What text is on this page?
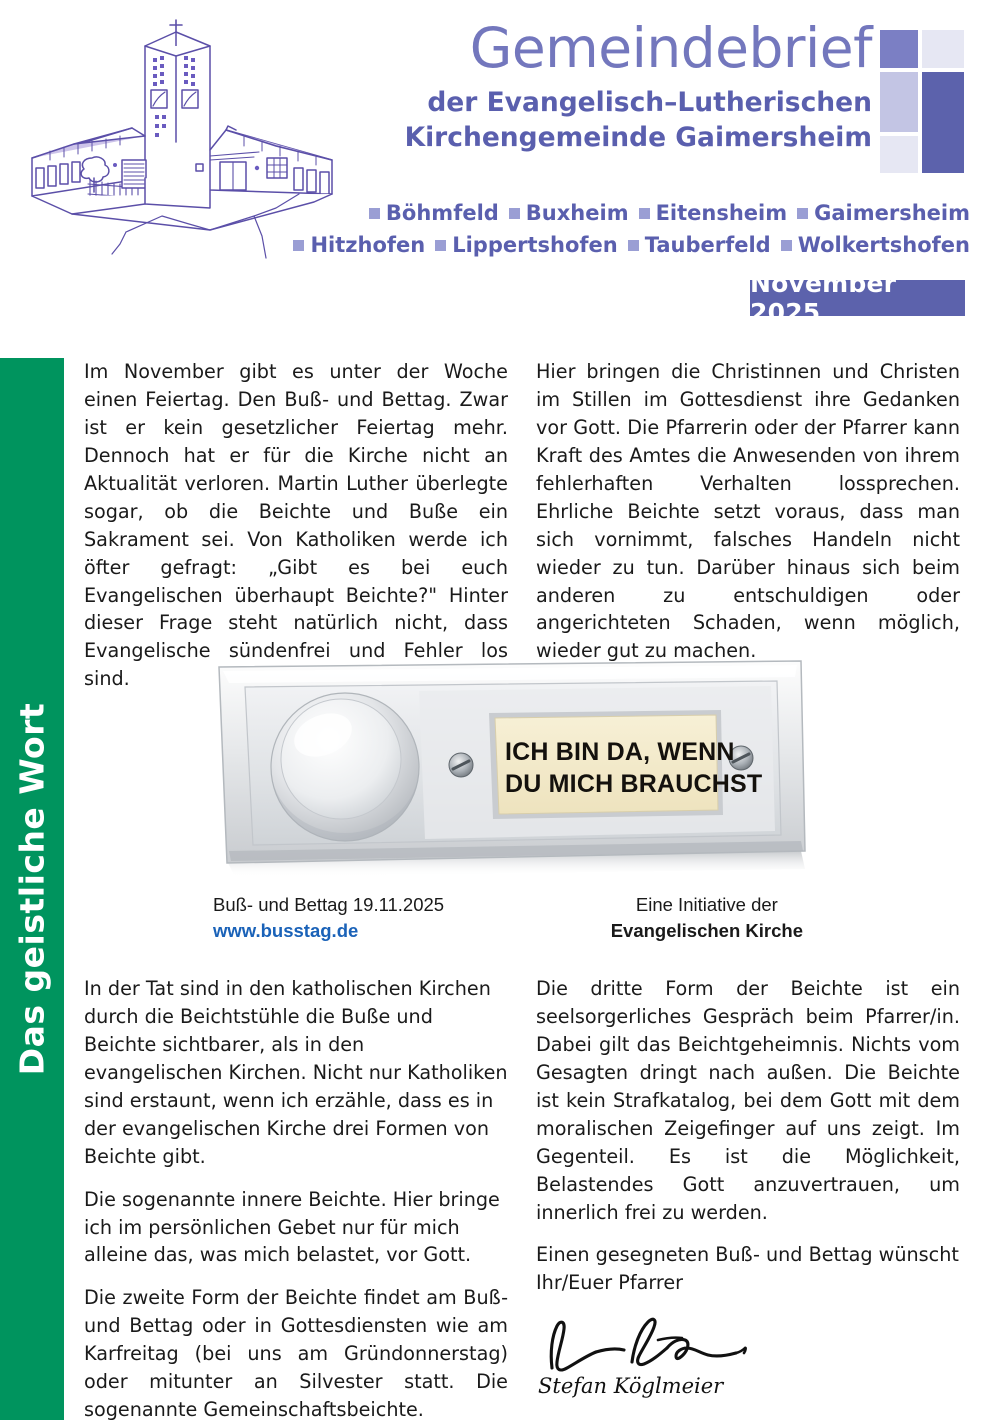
Gemeindebrief
der Evangelisch–Lutherischen
Kirchengemeinde Gaimersheim
Böhmfeld Buxheim Eitensheim Gaimersheim
Hitzhofen Lippertshofen Tauberfeld Wolkertshofen
November 2025
Das geistliche Wort

Im November gibt es unter der Woche einen Feiertag. Den Buß- und Bettag. Zwar ist er kein gesetzlicher Feiertag mehr. Dennoch hat er für die Kirche nicht an Aktualität verloren. Martin Luther überlegte sogar, ob die Beichte und Buße ein Sakrament sei. Von Katholiken werde ich öfter gefragt: „Gibt es bei euch Evangelischen überhaupt Beichte?" Hinter dieser Frage steht natürlich nicht, dass Evangelische sündenfrei und Fehler los sind.

Hier bringen die Christinnen und Christen im Stillen im Gottesdienst ihre Gedanken vor Gott. Die Pfarrerin oder der Pfarrer kann Kraft des Amtes die Anwesenden von ihrem fehlerhaften Verhalten lossprechen. Ehrliche Beichte setzt voraus, dass man sich vornimmt, falsches Handeln nicht wieder zu tun. Darüber hinaus sich beim anderen zu entschuldigen oder angerichteten Schaden, wenn möglich, wieder gut zu machen.

ICH BIN DA, WENN
DU MICH BRAUCHST
Buß- und Bettag 19.11.2025
www.busstag.de
Eine Initiative der
Evangelischen Kirche

In der Tat sind in den katholischen Kirchen durch die Beichtstühle die Buße und Beichte sichtbarer, als in den evangelischen Kirchen. Nicht nur Katholiken sind erstaunt, wenn ich erzähle, dass es in der evangelischen Kirche drei Formen von Beichte gibt.

Die sogenannte innere Beichte. Hier bringe ich im persönlichen Gebet nur für mich alleine das, was mich belastet, vor Gott.

Die zweite Form der Beichte findet am Buß- und Bettag oder in Gottesdiensten wie am Karfreitag (bei uns am Gründonnerstag) oder mitunter an Silvester statt. Die sogenannte Gemeinschaftsbeichte.

Die dritte Form der Beichte ist ein seelsorgerliches Gespräch beim Pfarrer/in. Dabei gilt das Beichtgeheimnis. Nichts vom Gesagten dringt nach außen. Die Beichte ist kein Strafkatalog, bei dem Gott mit dem moralischen Zeigefinger auf uns zeigt. Im Gegenteil. Es ist die Möglichkeit, Belastendes Gott anzuvertrauen, um innerlich frei zu werden.

Einen gesegneten Buß- und Bettag wünscht Ihr/Euer Pfarrer

Stefan Köglmeier
